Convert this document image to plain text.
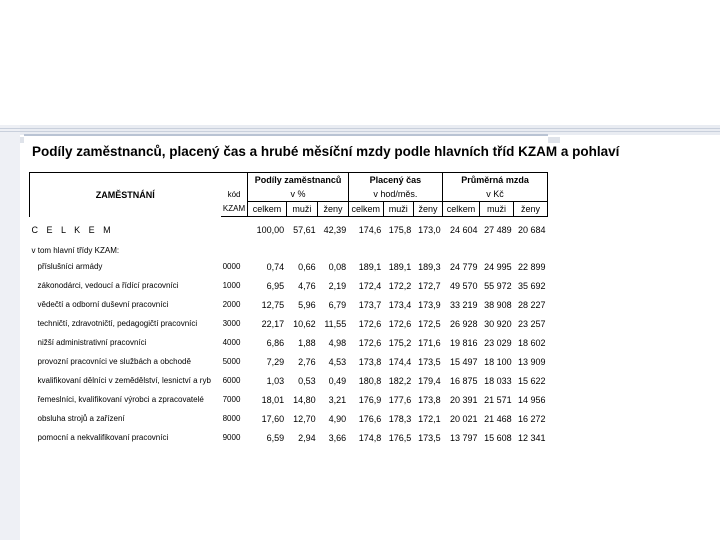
Podíly zaměstnanců, placený čas a hrubé měsíční mzdy podle hlavních tříd KZAM a pohlaví
ZAMĚSTNÁNÍ		Podíly zaměstnanců			Placený čas			Průměrná mzda		
	kód	v %			v hod/měs.			v Kč		
	KZAM	celkem	muži	ženy	celkem	muži	ženy	celkem	muži	ženy

C E L K E M		100,00	57,61	42,39	174,6	175,8	173,0	24 604	27 489	20 684

v tom hlavní třídy KZAM:										
příslušníci armády	0000	0,74	0,66	0,08	189,1	189,1	189,3	24 779	24 995	22 899
zákonodárci, vedoucí a řídící pracovníci	1000	6,95	4,76	2,19	172,4	172,2	172,7	49 570	55 972	35 692
vědečtí a odborní duševní pracovníci	2000	12,75	5,96	6,79	173,7	173,4	173,9	33 219	38 908	28 227
techničtí, zdravotničtí, pedagogičtí pracovníci	3000	22,17	10,62	11,55	172,6	172,6	172,5	26 928	30 920	23 257
nižší administrativní pracovníci	4000	6,86	1,88	4,98	172,6	175,2	171,6	19 816	23 029	18 602
provozní pracovníci ve službách a obchodě	5000	7,29	2,76	4,53	173,8	174,4	173,5	15 497	18 100	13 909
kvalifikovaní dělníci v zemědělství, lesnictví a ryb	6000	1,03	0,53	0,49	180,8	182,2	179,4	16 875	18 033	15 622
řemeslníci, kvalifikovaní výrobci a zpracovatelé	7000	18,01	14,80	3,21	176,9	177,6	173,8	20 391	21 571	14 956
obsluha strojů a zařízení	8000	17,60	12,70	4,90	176,6	178,3	172,1	20 021	21 468	16 272
pomocní a nekvalifikovaní pracovníci	9000	6,59	2,94	3,66	174,8	176,5	173,5	13 797	15 608	12 341
